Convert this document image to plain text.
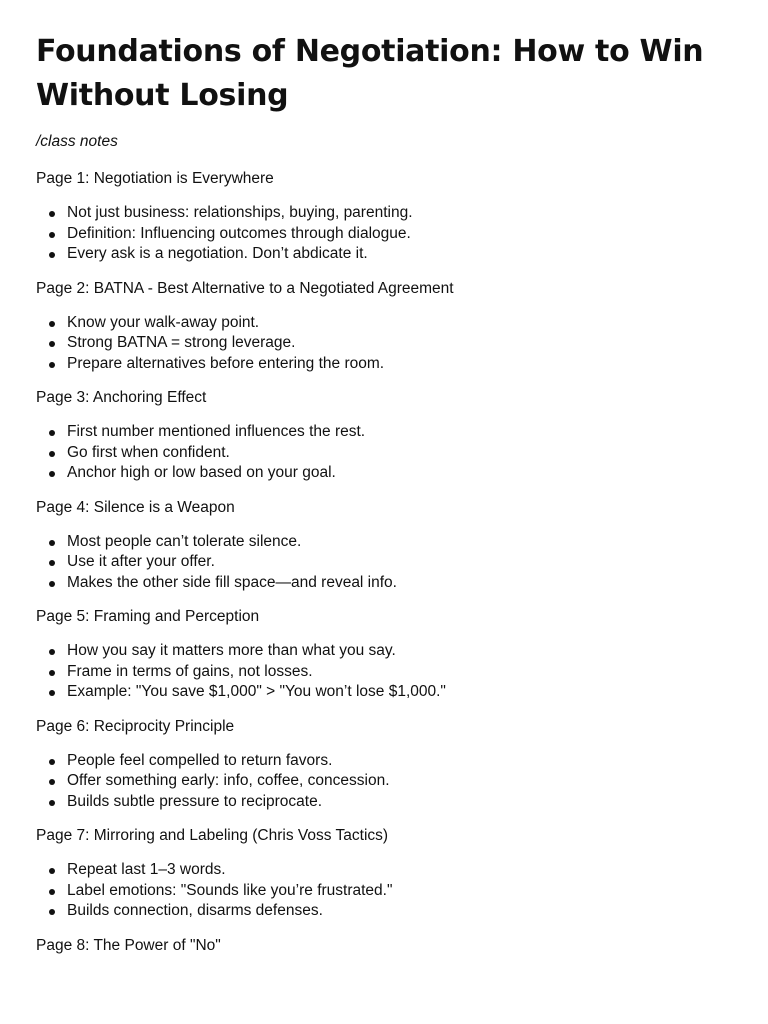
Foundations of Negotiation: How to Win Without Losing
/class notes
Page 1: Negotiation is Everywhere
Not just business: relationships, buying, parenting.
Definition: Influencing outcomes through dialogue.
Every ask is a negotiation. Don’t abdicate it.
Page 2: BATNA - Best Alternative to a Negotiated Agreement
Know your walk-away point.
Strong BATNA = strong leverage.
Prepare alternatives before entering the room.
Page 3: Anchoring Effect
First number mentioned influences the rest.
Go first when confident.
Anchor high or low based on your goal.
Page 4: Silence is a Weapon
Most people can’t tolerate silence.
Use it after your offer.
Makes the other side fill space—and reveal info.
Page 5: Framing and Perception
How you say it matters more than what you say.
Frame in terms of gains, not losses.
Example: "You save $1,000" > "You won’t lose $1,000."
Page 6: Reciprocity Principle
People feel compelled to return favors.
Offer something early: info, coffee, concession.
Builds subtle pressure to reciprocate.
Page 7: Mirroring and Labeling (Chris Voss Tactics)
Repeat last 1–3 words.
Label emotions: "Sounds like you’re frustrated."
Builds connection, disarms defenses.
Page 8: The Power of "No"
